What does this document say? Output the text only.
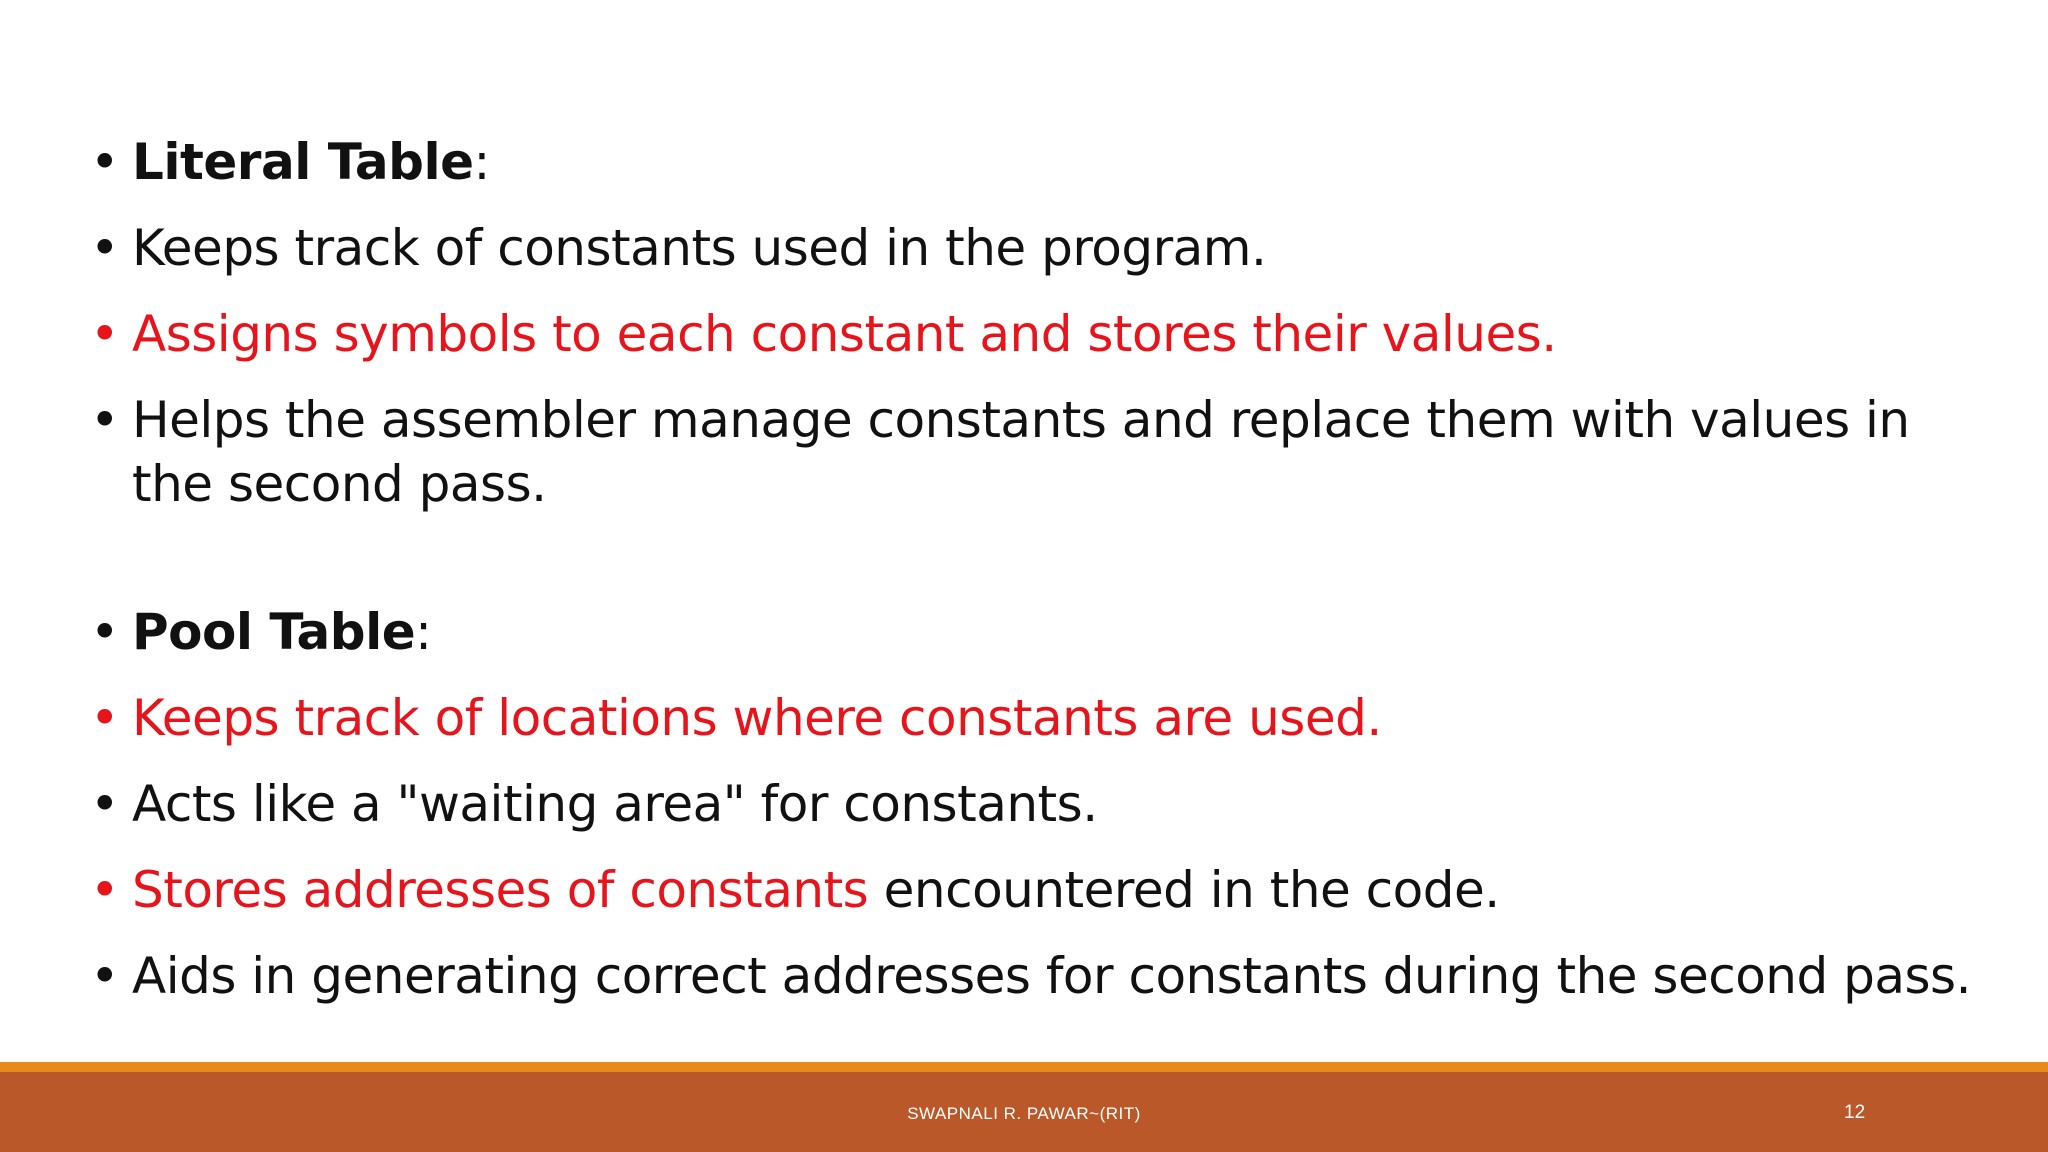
• Literal Table:
• Keeps track of constants used in the program.
• Assigns symbols to each constant and stores their values.
• Helps the assembler manage constants and replace them with values in the second pass.
• Pool Table:
• Keeps track of locations where constants are used.
• Acts like a "waiting area" for constants.
• Stores addresses of constants encountered in the code.
• Aids in generating correct addresses for constants during the second pass.
SWAPNALI R. PAWAR~(RIT)	12
